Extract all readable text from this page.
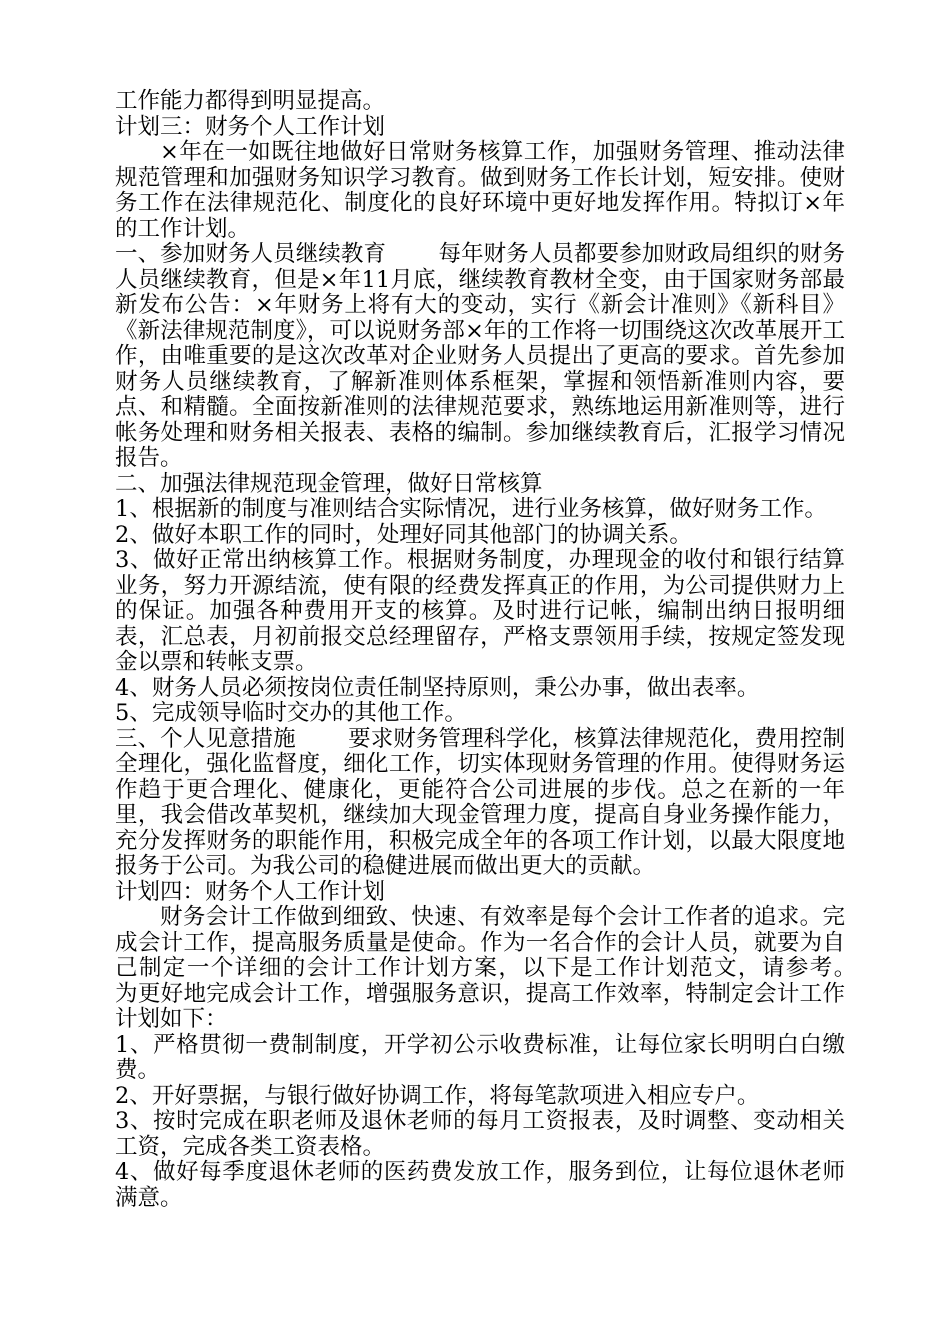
工作能力都得到明显提高。

计划三：财务个人工作计划

×年在一如既往地做好日常财务核算工作，加强财务管理、推动法律规范管理和加强财务知识学习教育。做到财务工作长计划，短安排。使财务工作在法律规范化、制度化的良好环境中更好地发挥作用。特拟订×年的工作计划。

一、参加财务人员继续教育　　 每年财务人员都要参加财政局组织的财务人员继续教育，但是×年11月底，继续教育教材全变，由于国家财务部最新发布公告：×年财务上将有大的变动，实行《新会计准则》《新科目》《新法律规范制度》，可以说财务部×年的工作将一切围绕这次改革展开工作，由唯重要的是这次改革对企业财务人员提出了更高的要求。首先参加财务人员继续教育，了解新准则体系框架，掌握和领悟新准则内容，要点、和精髓。全面按新准则的法律规范要求，熟练地运用新准则等，进行帐务处理和财务相关报表、表格的编制。参加继续教育后，汇报学习情况报告。

二、加强法律规范现金管理，做好日常核算

1、根据新的制度与准则结合实际情况，进行业务核算，做好财务工作。

2、做好本职工作的同时，处理好同其他部门的协调关系。

3、做好正常出纳核算工作。根据财务制度，办理现金的收付和银行结算业务，努力开源结流，使有限的经费发挥真正的作用，为公司提供财力上的保证。加强各种费用开支的核算。及时进行记帐，编制出纳日报明细表，汇总表，月初前报交总经理留存，严格支票领用手续，按规定签发现金以票和转帐支票。

4、财务人员必须按岗位责任制坚持原则，秉公办事，做出表率。

5、完成领导临时交办的其他工作。

三、个人见意措施　　 要求财务管理科学化，核算法律规范化，费用控制全理化，强化监督度，细化工作，切实体现财务管理的作用。使得财务运作趋于更合理化、健康化，更能符合公司进展的步伐。总之在新的一年里，我会借改革契机，继续加大现金管理力度，提高自身业务操作能力，充分发挥财务的职能作用，积极完成全年的各项工作计划，以最大限度地报务于公司。为我公司的稳健进展而做出更大的贡献。

计划四：财务个人工作计划

财务会计工作做到细致、快速、有效率是每个会计工作者的追求。完成会计工作，提高服务质量是使命。作为一名合作的会计人员，就要为自己制定一个详细的会计工作计划方案，以下是工作计划范文，请参考。　　 为更好地完成会计工作，增强服务意识，提高工作效率，特制定会计工作计划如下：

1、严格贯彻一费制制度，开学初公示收费标准，让每位家长明明白白缴费。

2、开好票据，与银行做好协调工作，将每笔款项进入相应专户。

3、按时完成在职老师及退休老师的每月工资报表，及时调整、变动相关工资，完成各类工资表格。

4、做好每季度退休老师的医药费发放工作，服务到位，让每位退休老师满意。
